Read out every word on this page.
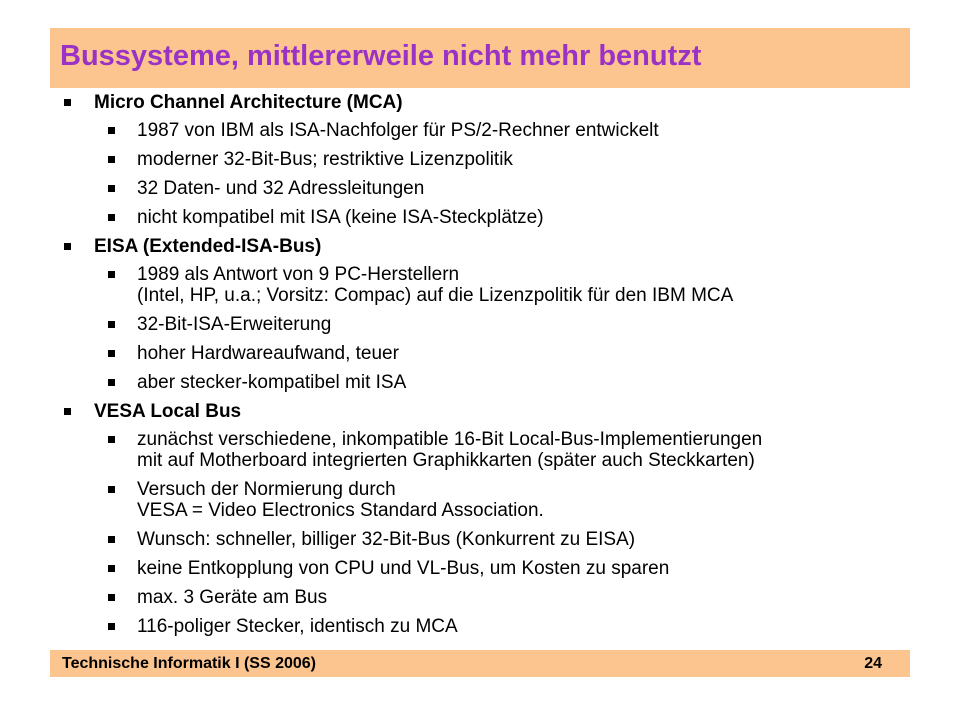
Bussysteme, mittlererweile nicht mehr benutzt
Micro Channel Architecture (MCA)
1987 von IBM als ISA-Nachfolger für PS/2-Rechner entwickelt
moderner 32-Bit-Bus; restriktive Lizenzpolitik
32 Daten- und 32 Adressleitungen
nicht kompatibel mit ISA (keine ISA-Steckplätze)
EISA (Extended-ISA-Bus)
1989 als Antwort von 9 PC-Herstellern
(Intel, HP, u.a.; Vorsitz: Compac) auf die Lizenzpolitik für den IBM MCA
32-Bit-ISA-Erweiterung
hoher Hardwareaufwand, teuer
aber stecker-kompatibel mit ISA
VESA Local Bus
zunächst verschiedene, inkompatible 16-Bit Local-Bus-Implementierungen
mit auf Motherboard integrierten Graphikkarten (später auch Steckkarten)
Versuch der Normierung durch
VESA = Video Electronics Standard Association.
Wunsch: schneller, billiger 32-Bit-Bus (Konkurrent zu EISA)
keine Entkopplung von CPU und VL-Bus, um Kosten zu sparen
max. 3 Geräte am Bus
116-poliger Stecker, identisch zu MCA
Technische Informatik I (SS 2006)	24
